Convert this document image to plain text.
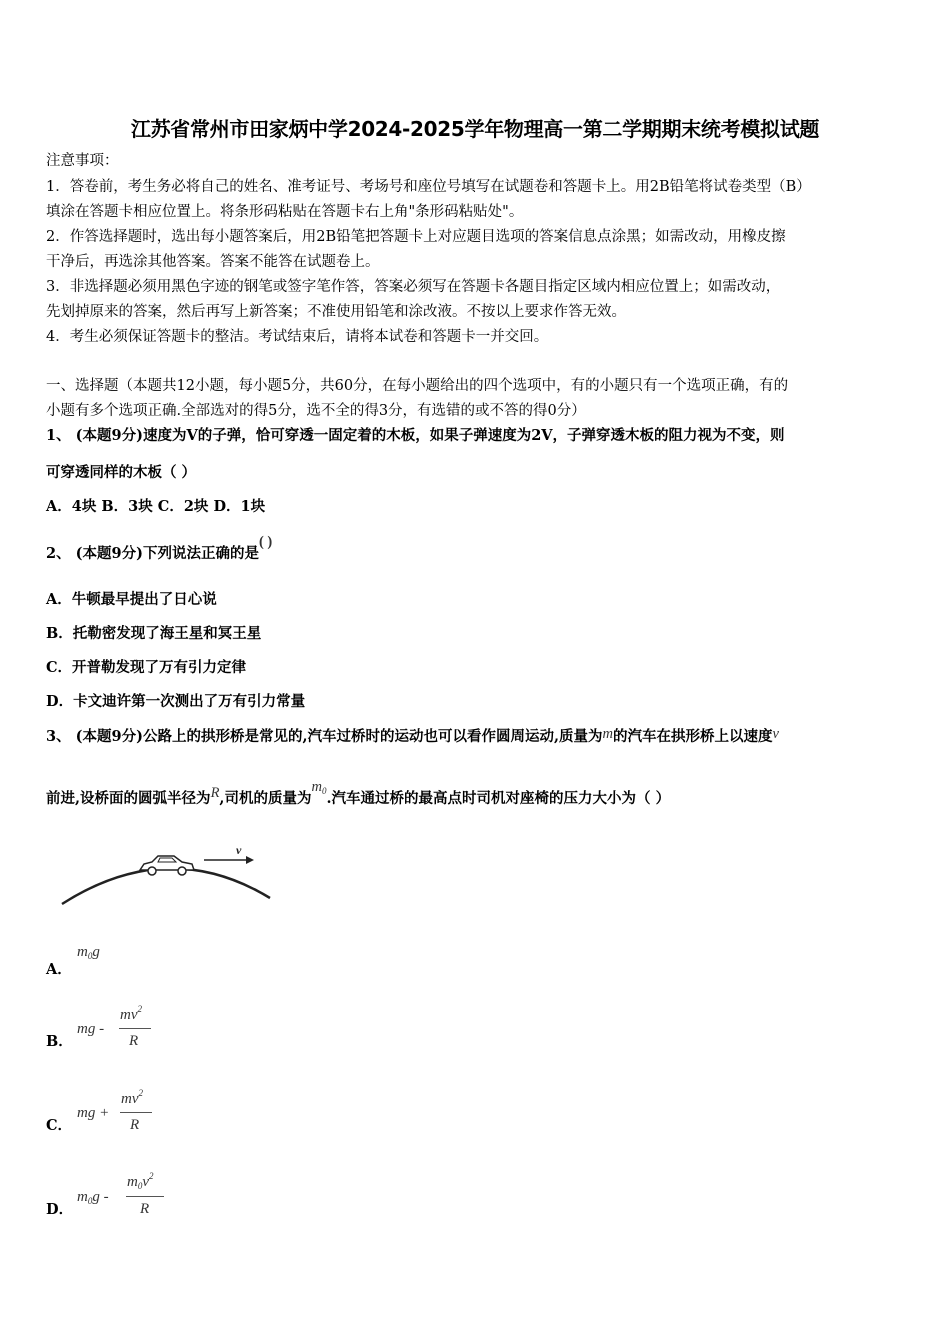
江苏省常州市田家炳中学2024-2025学年物理高一第二学期期末统考模拟试题
注意事项：
1．答卷前，考生务必将自己的姓名、准考证号、考场号和座位号填写在试题卷和答题卡上。用2B铅笔将试卷类型（B）
填涂在答题卡相应位置上。将条形码粘贴在答题卡右上角"条形码粘贴处"。
2．作答选择题时，选出每小题答案后，用2B铅笔把答题卡上对应题目选项的答案信息点涂黑；如需改动，用橡皮擦
干净后，再选涂其他答案。答案不能答在试题卷上。
3．非选择题必须用黑色字迹的钢笔或签字笔作答，答案必须写在答题卡各题目指定区域内相应位置上；如需改动，
先划掉原来的答案，然后再写上新答案；不准使用铅笔和涂改液。不按以上要求作答无效。
4．考生必须保证答题卡的整洁。考试结束后，请将本试卷和答题卡一并交回。
一、选择题（本题共12小题，每小题5分，共60分，在每小题给出的四个选项中，有的小题只有一个选项正确，有的
小题有多个选项正确.全部选对的得5分，选不全的得3分，有选错的或不答的得0分）
1、 (本题9分)速度为V的子弹，恰可穿透一固定着的木板，如果子弹速度为2V，子弹穿透木板的阻力视为不变，则
可穿透同样的木板（ ）
A．4块 B．3块 C．2块 D．1块
2、 (本题9分)下列说法正确的是( )
A．牛顿最早提出了日心说
B．托勒密发现了海王星和冥王星
C．开普勒发现了万有引力定律
D．卡文迪许第一次测出了万有引力常量
3、 (本题9分)公路上的拱形桥是常见的,汽车过桥时的运动也可以看作圆周运动,质量为m的汽车在拱形桥上以速度v
前进,设桥面的圆弧半径为R,司机的质量为$m_0$.汽车通过桥的最高点时司机对座椅的压力大小为（ ）
v
A．
$m_0g$
B．
mg -
$mv^2$
R
C．
mg +
$mv^2$
R
D．
$m_0g$ -
$m_0v^2$
R
